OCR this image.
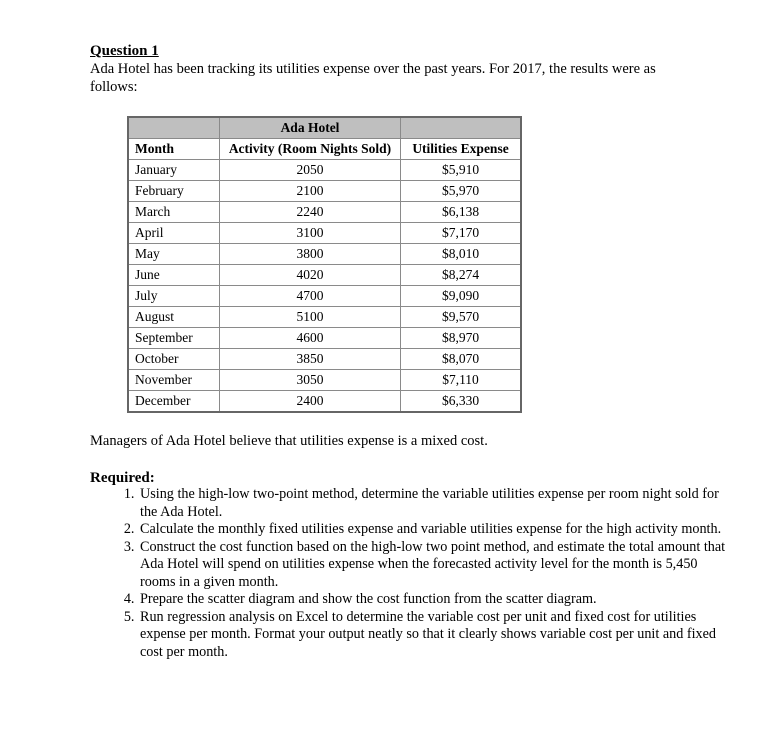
Question 1
Ada Hotel has been tracking its utilities expense over the past years. For 2017, the results were as follows:
	Ada Hotel	
Month	Activity (Room Nights Sold)	Utilities Expense
January	2050	$5,910
February	2100	$5,970
March	2240	$6,138
April	3100	$7,170
May	3800	$8,010
June	4020	$8,274
July	4700	$9,090
August	5100	$9,570
September	4600	$8,970
October	3850	$8,070
November	3050	$7,110
December	2400	$6,330
Managers of Ada Hotel believe that utilities expense is a mixed cost.
Required:
1. Using the high-low two-point method, determine the variable utilities expense per room night sold for the Ada Hotel.
2. Calculate the monthly fixed utilities expense and variable utilities expense for the high activity month.
3. Construct the cost function based on the high-low two point method, and estimate the total amount that Ada Hotel will spend on utilities expense when the forecasted activity level for the month is 5,450 rooms in a given month.
4. Prepare the scatter diagram and show the cost function from the scatter diagram.
5. Run regression analysis on Excel to determine the variable cost per unit and fixed cost for utilities expense per month. Format your output neatly so that it clearly shows variable cost per unit and fixed cost per month.
